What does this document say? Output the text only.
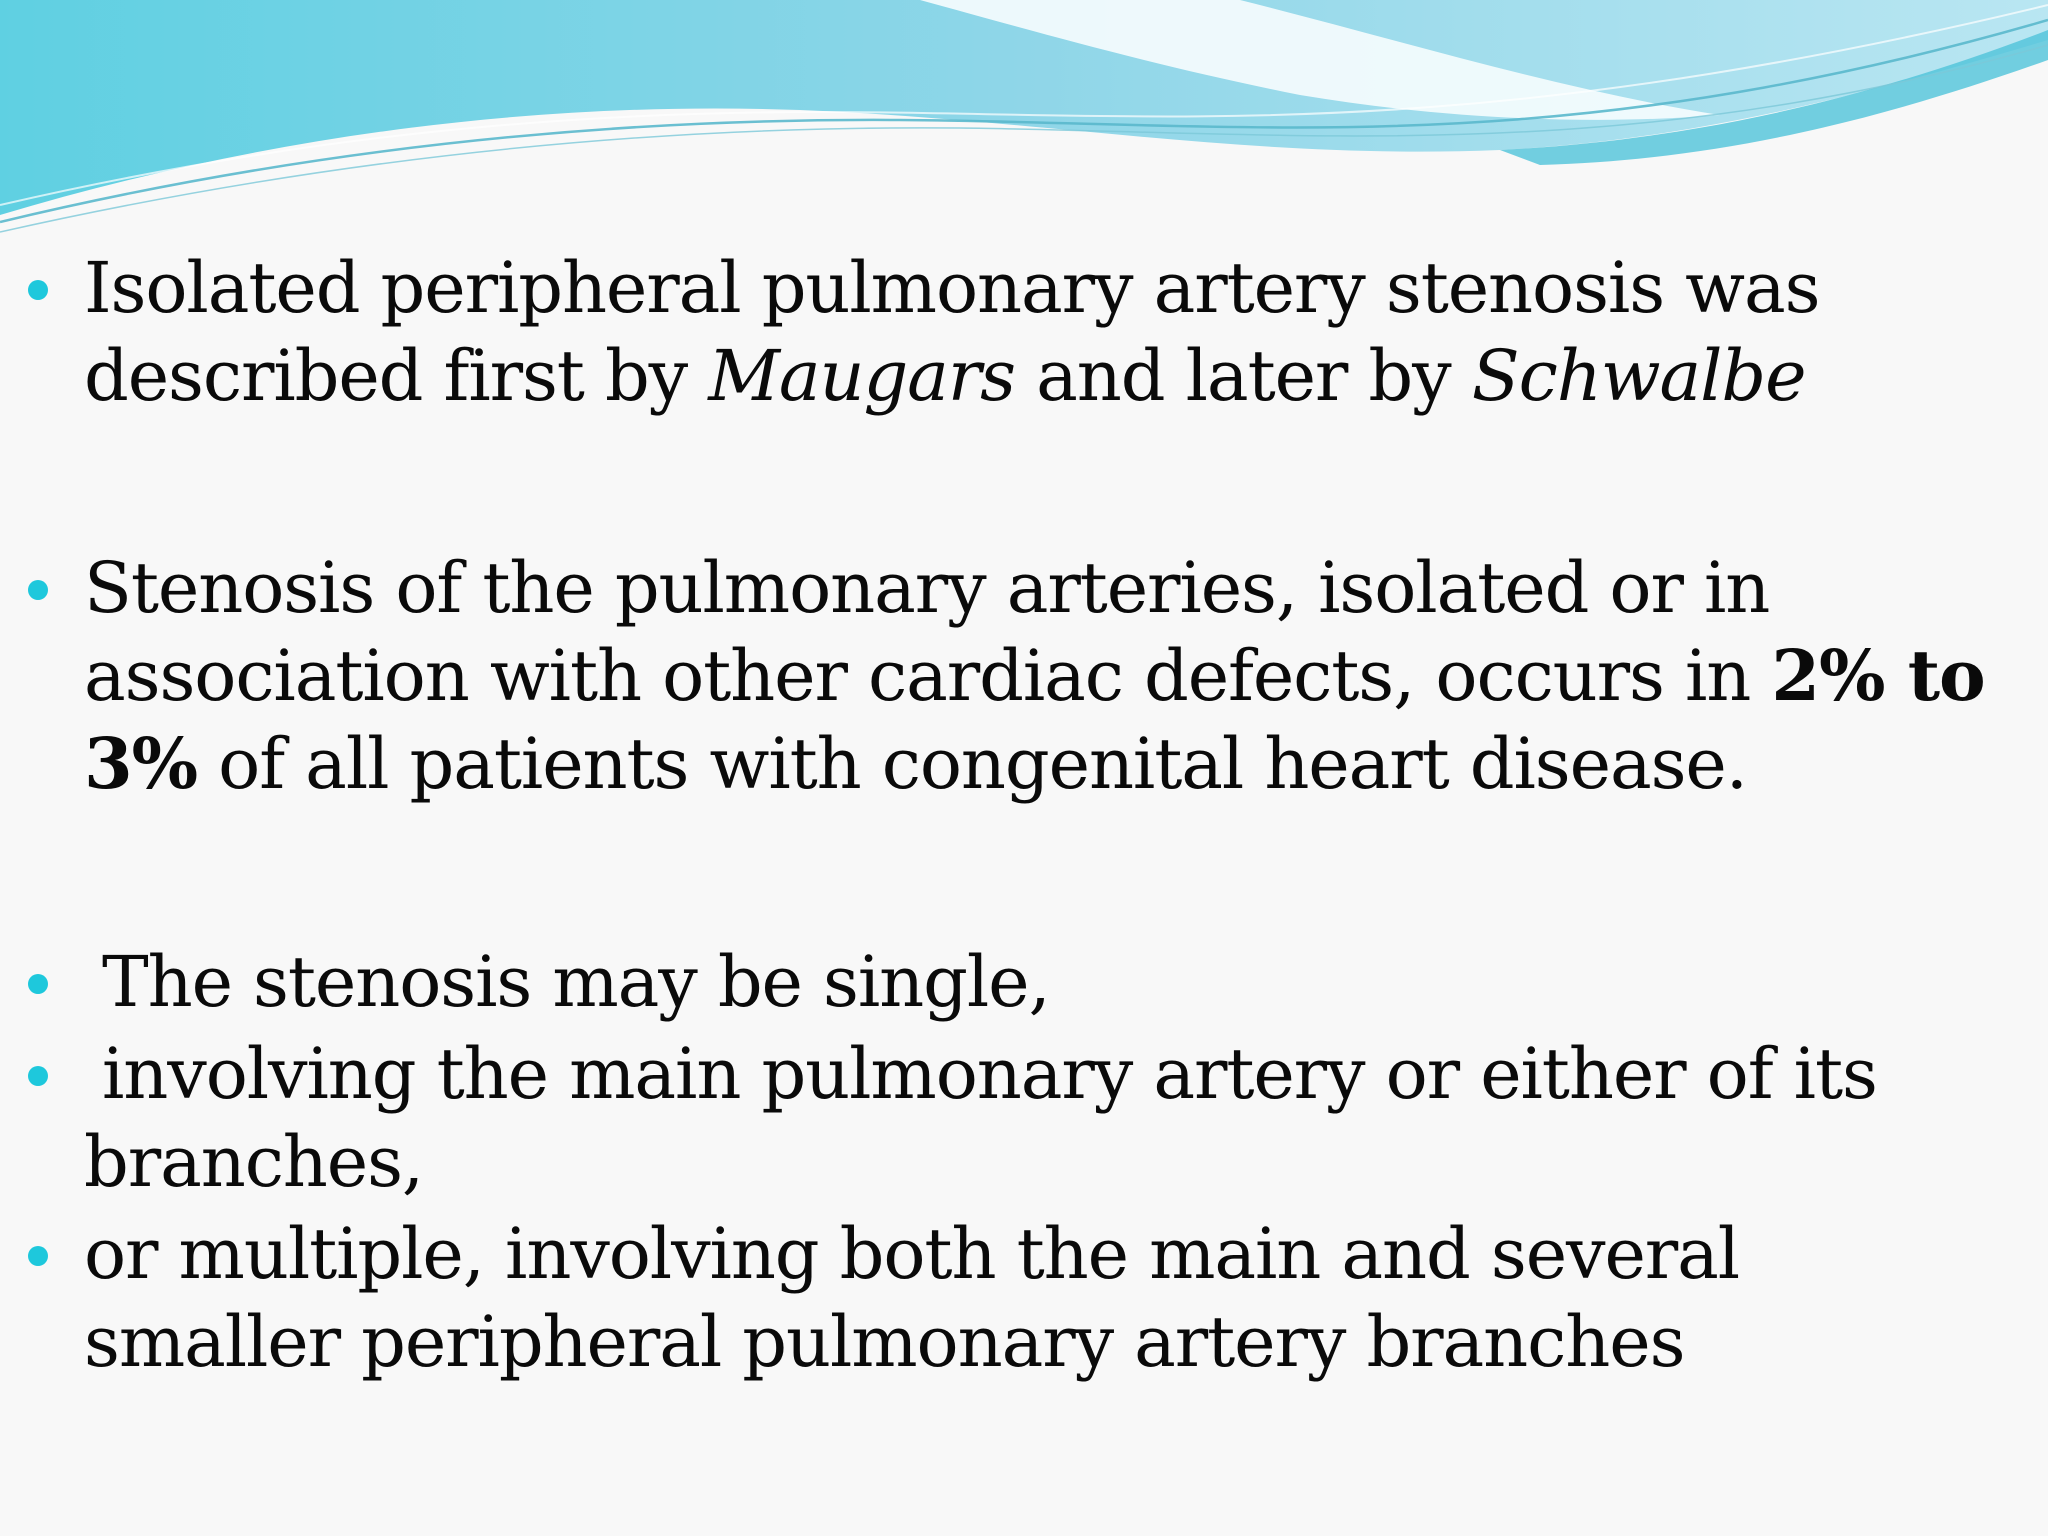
Isolated peripheral pulmonary artery stenosis was described first by Maugars and later by Schwalbe
Stenosis of the pulmonary arteries, isolated or in association with other cardiac defects, occurs in 2% to 3% of all patients with congenital heart disease.
The stenosis may be single,
involving the main pulmonary artery or either of its branches,
or multiple, involving both the main and several smaller peripheral pulmonary artery branches
